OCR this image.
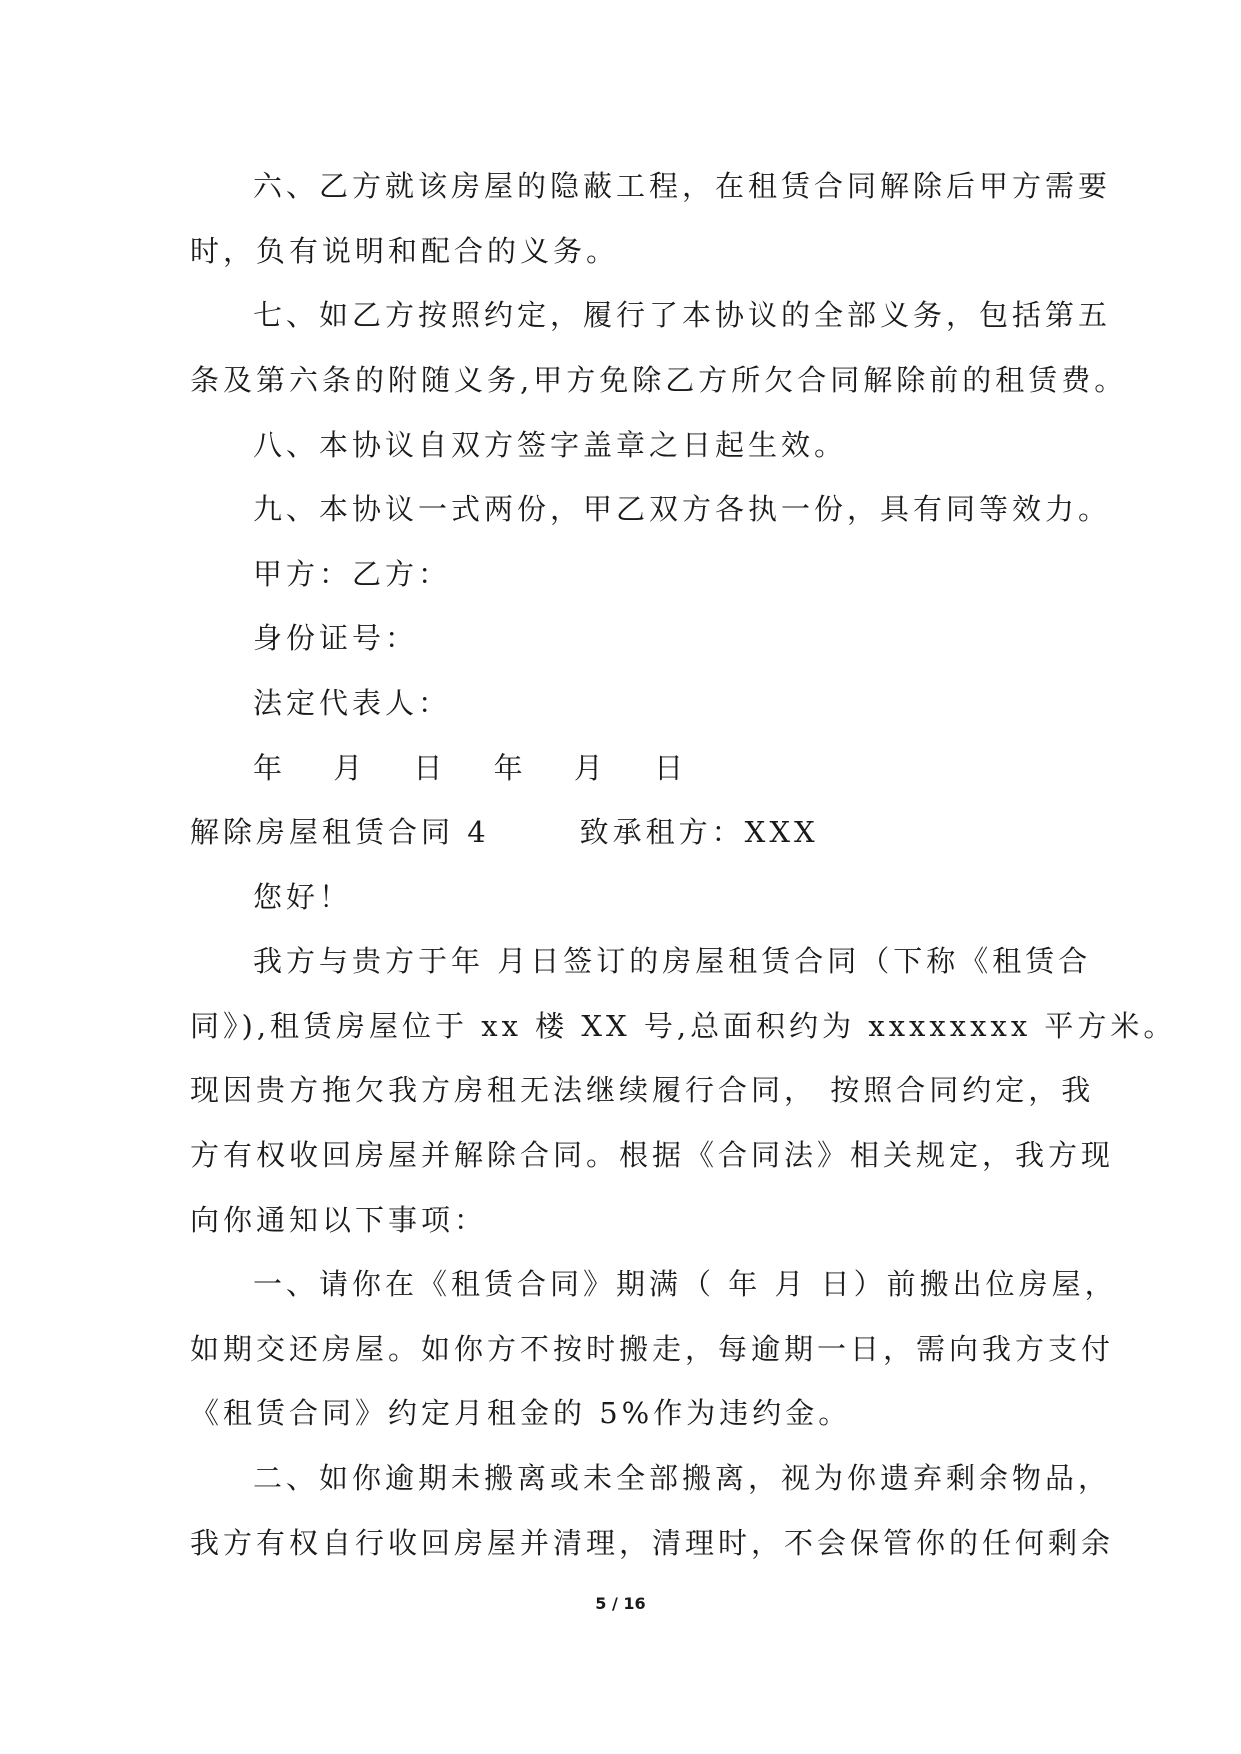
六、乙方就该房屋的隐蔽工程，在租赁合同解除后甲方需要
时，负有说明和配合的义务。
七、如乙方按照约定，履行了本协议的全部义务，包括第五
条及第六条的附随义务,甲方免除乙方所欠合同解除前的租赁费。
八、本协议自双方签字盖章之日起生效。
九、本协议一式两份，甲乙双方各执一份，具有同等效力。
甲方：乙方：
身份证号：
法定代表人：
年 月 日 年 月 日
解除房屋租赁合同 4	致承租方：XXX
您好！
我方与贵方于年 月日签订的房屋租赁合同（下称《租赁合
同》),租赁房屋位于 xx 楼 XX 号,总面积约为 xxxxxxxx 平方米。
现因贵方拖欠我方房租无法继续履行合同， 按照合同约定，我
方有权收回房屋并解除合同。根据《合同法》相关规定，我方现
向你通知以下事项：
一、请你在《租赁合同》期满（ 年 月 日）前搬出位房屋，
如期交还房屋。如你方不按时搬走，每逾期一日，需向我方支付
《租赁合同》约定月租金的 5%作为违约金。
二、如你逾期未搬离或未全部搬离，视为你遗弃剩余物品，
我方有权自行收回房屋并清理，清理时，不会保管你的任何剩余
5 / 16
